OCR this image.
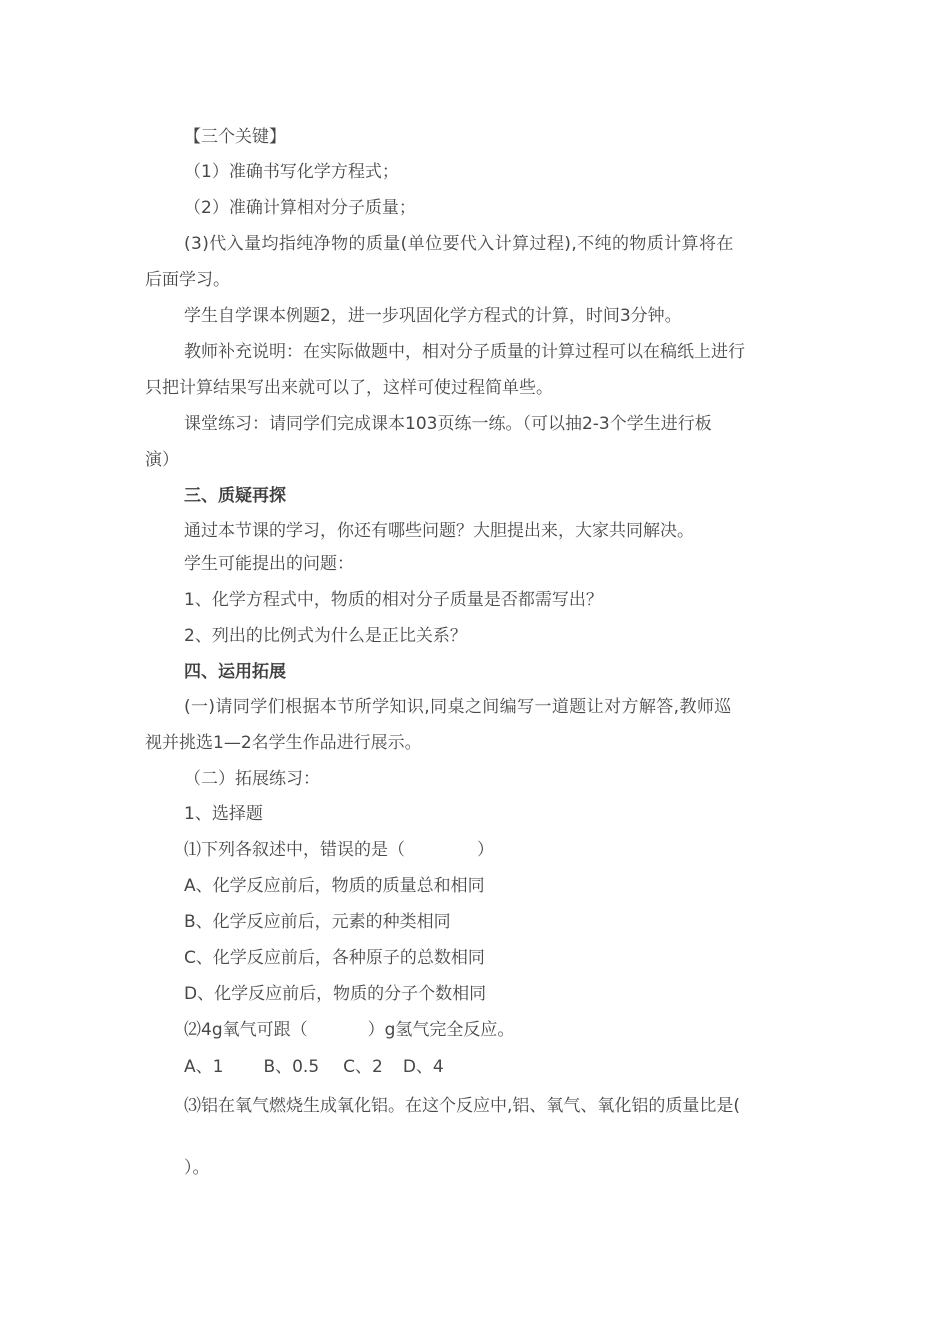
【三个关键】
（1）准确书写化学方程式；
（2）准确计算相对分子质量；
(3)代入量均指纯净物的质量(单位要代入计算过程),不纯的物质计算将在
后面学习。
学生自学课本例题2，进一步巩固化学方程式的计算，时间3分钟。
教师补充说明：在实际做题中，相对分子质量的计算过程可以在稿纸上进行
只把计算结果写出来就可以了，这样可使过程简单些。
课堂练习：请同学们完成课本103页练一练。（可以抽2-3个学生进行板
演）
三、质疑再探
通过本节课的学习，你还有哪些问题？大胆提出来，大家共同解决。
学生可能提出的问题：
1、化学方程式中，物质的相对分子质量是否都需写出？
2、列出的比例式为什么是正比关系？
四、运用拓展
(一)请同学们根据本节所学知识,同桌之间编写一道题让对方解答,教师巡
视并挑选1—2名学生作品进行展示。
（二）拓展练习：
1、选择题
⑴下列各叙述中，错误的是（	）
A、化学反应前后，物质的质量总和相同
B、化学反应前后，元素的种类相同
C、化学反应前后，各种原子的总数相同
D、化学反应前后，物质的分子个数相同
⑵4g氧气可跟（	）g氢气完全反应。
A、1 B、0.5 C、2 D、4
⑶铝在氧气燃烧生成氧化铝。在这个反应中,铝、氧气、氧化铝的质量比是(
）。
